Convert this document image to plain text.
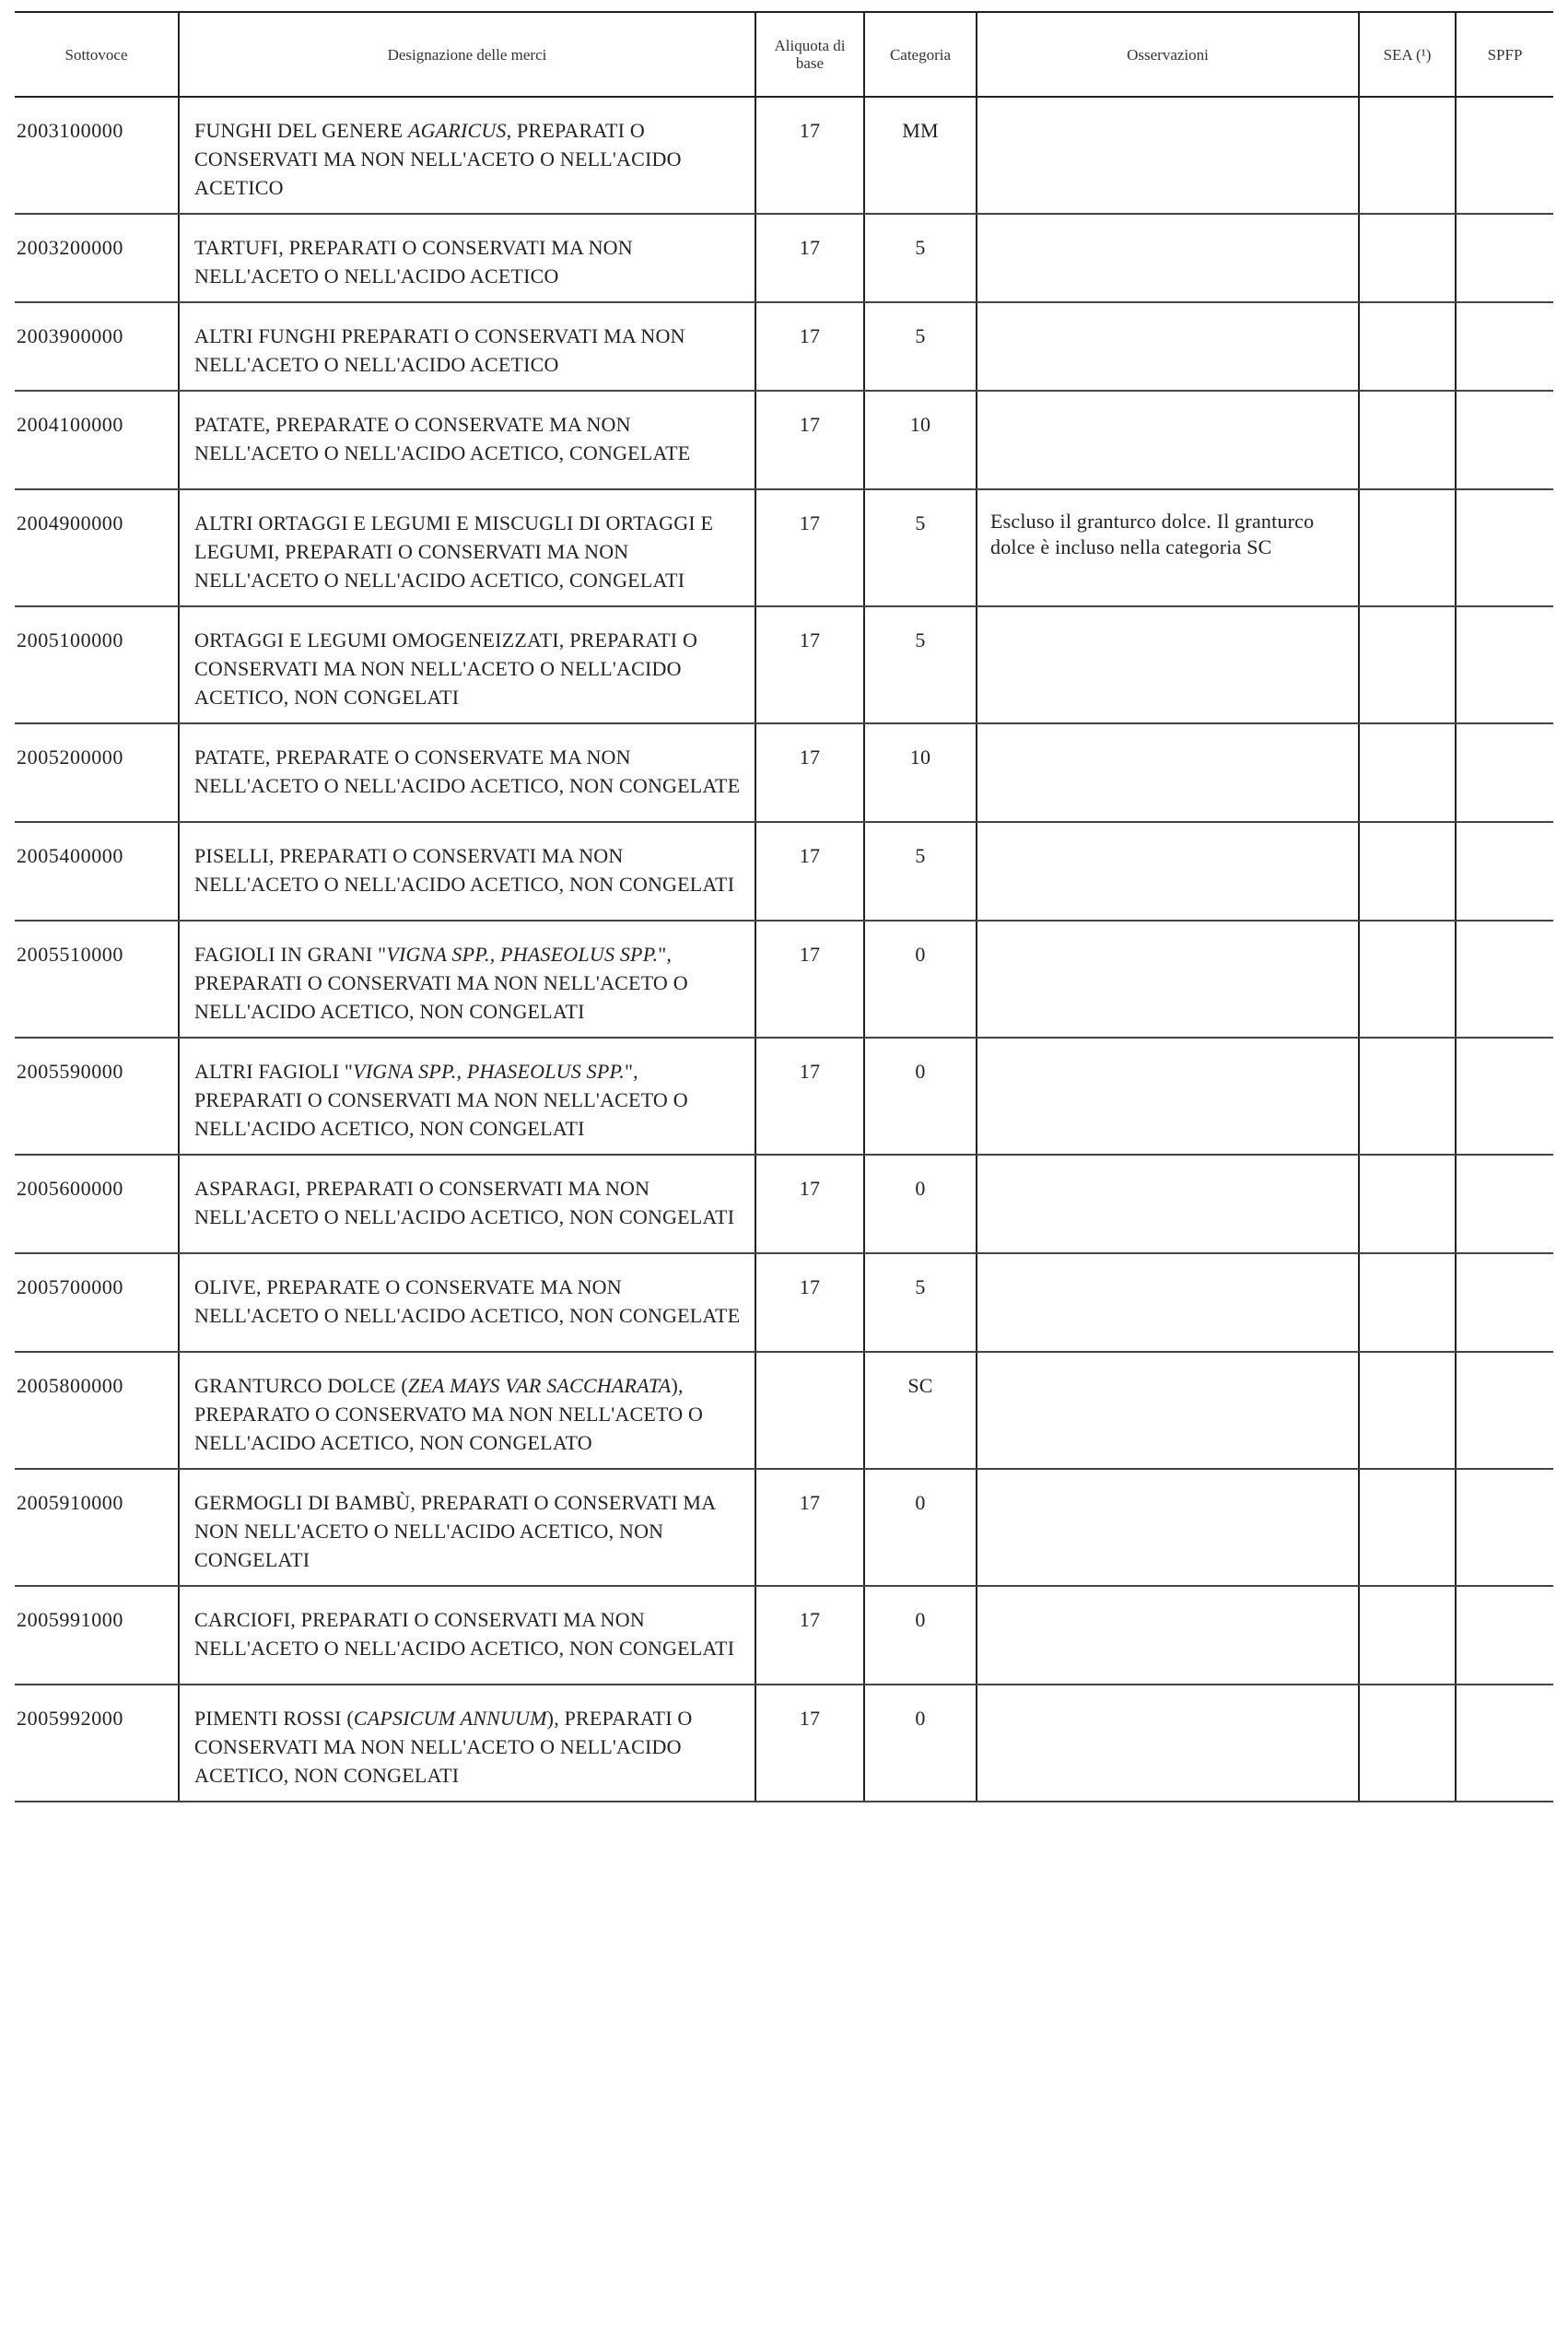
Sottovoce	Designazione delle merci	Aliquota di base	Categoria	Osservazioni	SEA (¹)	SPFP
2003100000	FUNGHI DEL GENERE AGARICUS, PREPARATI O CONSERVATI MA NON NELL'ACETO O NELL'ACIDO ACETICO	17	MM			
2003200000	TARTUFI, PREPARATI O CONSERVATI MA NON NELL'ACETO O NELL'ACIDO ACETICO	17	5			
2003900000	ALTRI FUNGHI PREPARATI O CONSERVATI MA NON NELL'ACETO O NELL'ACIDO ACETICO	17	5			
2004100000	PATATE, PREPARATE O CONSERVATE MA NON NELL'ACETO O NELL'ACIDO ACETICO, CONGELATE	17	10			
2004900000	ALTRI ORTAGGI E LEGUMI E MISCUGLI DI ORTAGGI E LEGUMI, PREPARATI O CONSERVATI MA NON NELL'ACETO O NELL'ACIDO ACETICO, CONGELATI	17	5	Escluso il granturco dolce. Il granturco dolce è incluso nella categoria SC		
2005100000	ORTAGGI E LEGUMI OMOGENEIZZATI, PREPARATI O CONSERVATI MA NON NELL'ACETO O NELL'ACIDO ACETICO, NON CONGELATI	17	5			
2005200000	PATATE, PREPARATE O CONSERVATE MA NON NELL'ACETO O NELL'ACIDO ACETICO, NON CONGELATE	17	10			
2005400000	PISELLI, PREPARATI O CONSERVATI MA NON NELL'ACETO O NELL'ACIDO ACETICO, NON CONGELATI	17	5			
2005510000	FAGIOLI IN GRANI "VIGNA SPP., PHASEOLUS SPP.", PREPARATI O CONSERVATI MA NON NELL'ACETO O NELL'ACIDO ACETICO, NON CONGELATI	17	0			
2005590000	ALTRI FAGIOLI "VIGNA SPP., PHASEOLUS SPP.", PREPARATI O CONSERVATI MA NON NELL'ACETO O NELL'ACIDO ACETICO, NON CONGELATI	17	0			
2005600000	ASPARAGI, PREPARATI O CONSERVATI MA NON NELL'ACETO O NELL'ACIDO ACETICO, NON CONGELATI	17	0			
2005700000	OLIVE, PREPARATE O CONSERVATE MA NON NELL'ACETO O NELL'ACIDO ACETICO, NON CONGELATE	17	5			
2005800000	GRANTURCO DOLCE (ZEA MAYS VAR SACCHARATA), PREPARATO O CONSERVATO MA NON NELL'ACETO O NELL'ACIDO ACETICO, NON CONGELATO		SC			
2005910000	GERMOGLI DI BAMBÙ, PREPARATI O CONSERVATI MA NON NELL'ACETO O NELL'ACIDO ACETICO, NON CONGELATI	17	0			
2005991000	CARCIOFI, PREPARATI O CONSERVATI MA NON NELL'ACETO O NELL'ACIDO ACETICO, NON CONGELATI	17	0			
2005992000	PIMENTI ROSSI (CAPSICUM ANNUUM), PREPARATI O CONSERVATI MA NON NELL'ACETO O NELL'ACIDO ACETICO, NON CONGELATI	17	0			
